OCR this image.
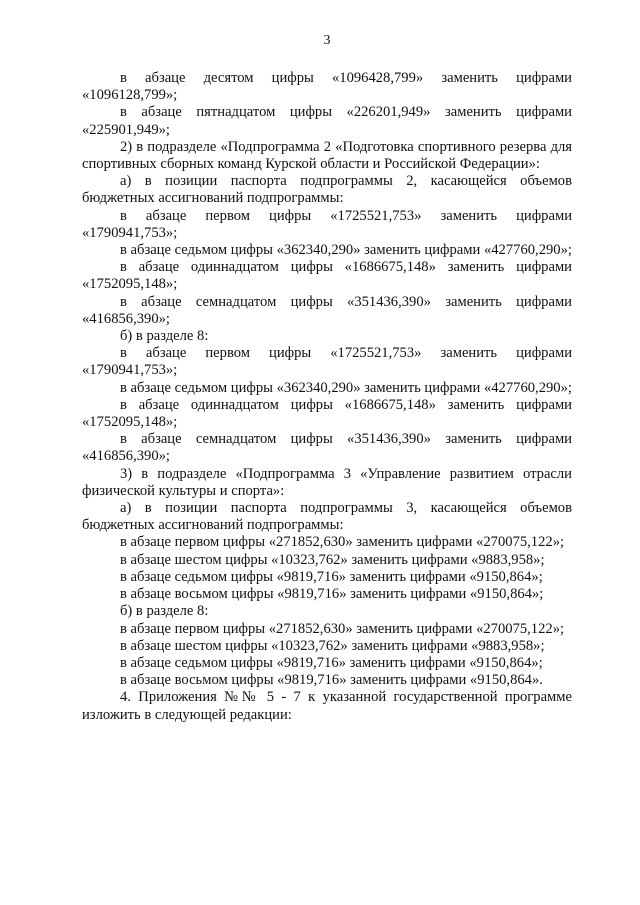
3

в абзаце десятом цифры «1096428,799» заменить цифрами «1096128,799»;

в абзаце пятнадцатом цифры «226201,949» заменить цифрами «225901,949»;

2) в подразделе «Подпрограмма 2 «Подготовка спортивного резерва для спортивных сборных команд Курской области и Российской Федерации»:

а) в позиции паспорта подпрограммы 2, касающейся объемов бюджетных ассигнований подпрограммы:

в абзаце первом цифры «1725521,753» заменить цифрами «1790941,753»;

в абзаце седьмом цифры «362340,290» заменить цифрами «427760,290»;

в абзаце одиннадцатом цифры «1686675,148» заменить цифрами «1752095,148»;

в абзаце семнадцатом цифры «351436,390» заменить цифрами «416856,390»;

б) в разделе 8:

в абзаце первом цифры «1725521,753» заменить цифрами «1790941,753»;

в абзаце седьмом цифры «362340,290» заменить цифрами «427760,290»;

в абзаце одиннадцатом цифры «1686675,148» заменить цифрами «1752095,148»;

в абзаце семнадцатом цифры «351436,390» заменить цифрами «416856,390»;

3) в подразделе «Подпрограмма 3 «Управление развитием отрасли физической культуры и спорта»:

а) в позиции паспорта подпрограммы 3, касающейся объемов бюджетных ассигнований подпрограммы:

в абзаце первом цифры «271852,630» заменить цифрами «270075,122»;

в абзаце шестом цифры «10323,762» заменить цифрами «9883,958»;

в абзаце седьмом цифры «9819,716» заменить цифрами «9150,864»;

в абзаце восьмом цифры «9819,716» заменить цифрами «9150,864»;

б) в разделе 8:

в абзаце первом цифры «271852,630» заменить цифрами «270075,122»;

в абзаце шестом цифры «10323,762» заменить цифрами «9883,958»;

в абзаце седьмом цифры «9819,716» заменить цифрами «9150,864»;

в абзаце восьмом цифры «9819,716» заменить цифрами «9150,864».

4. Приложения №№ 5 - 7 к указанной государственной программе изложить в следующей редакции:
